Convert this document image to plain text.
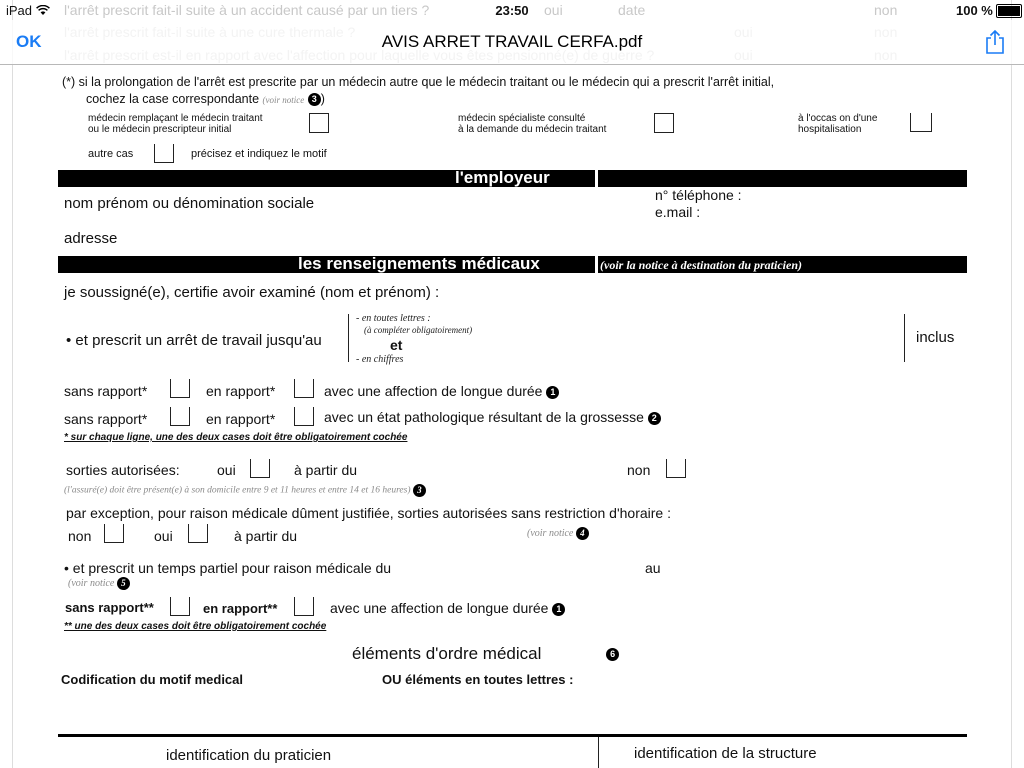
l'arrêt prescrit fait-il suite à un accident causé par un tiers ?	oui	date	non
(*) si la prolongation de l'arrêt est prescrite par un médecin autre que le médecin traitant ou le médecin qui a prescrit l'arrêt initial,
cochez la case correspondante (voir notice 3 )
médecin remplaçant le médecin traitant
ou le médecin prescripteur initial
médecin spécialiste consulté
à la demande du médecin traitant
à l'occas on d'une
hospitalisation
autre cas	précisez et indiquez le motif
l'employeur
nom prénom ou dénomination sociale	n° téléphone :
e.mail :
adresse
les renseignements médicaux	(voir la notice à destination du praticien)
je soussigné(e), certifie avoir examiné (nom et prénom) :
• et prescrit un arrêt de travail jusqu'au
- en toutes lettres :
(à compléter obligatoirement)
et
- en chiffres
inclus
sans rapport*	en rapport*	avec une affection de longue durée 1
sans rapport*	en rapport*	avec un état pathologique résultant de la grossesse 2
* sur chaque ligne, une des deux cases doit être obligatoirement cochée
sorties autorisées:	oui	à partir du	non
(l'assuré(e) doit être présent(e) à son domicile entre 9 et 11 heures et entre 14 et 16 heures) 3
par exception, pour raison médicale dûment justifiée, sorties autorisées sans restriction d'horaire :
non	oui	à partir du	(voir notice 4
• et prescrit un temps partiel pour raison médicale du	au
(voir notice 5
sans rapport**	en rapport**	avec une affection de longue durée 1
** une des deux cases doit être obligatoirement cochée
éléments d'ordre médical	6
Codification du motif medical	OU éléments en toutes lettres :
identification du praticien	identification de la structure
iPad	23:50	100 %
AVIS ARRET TRAVAIL CERFA.pdf
OK
